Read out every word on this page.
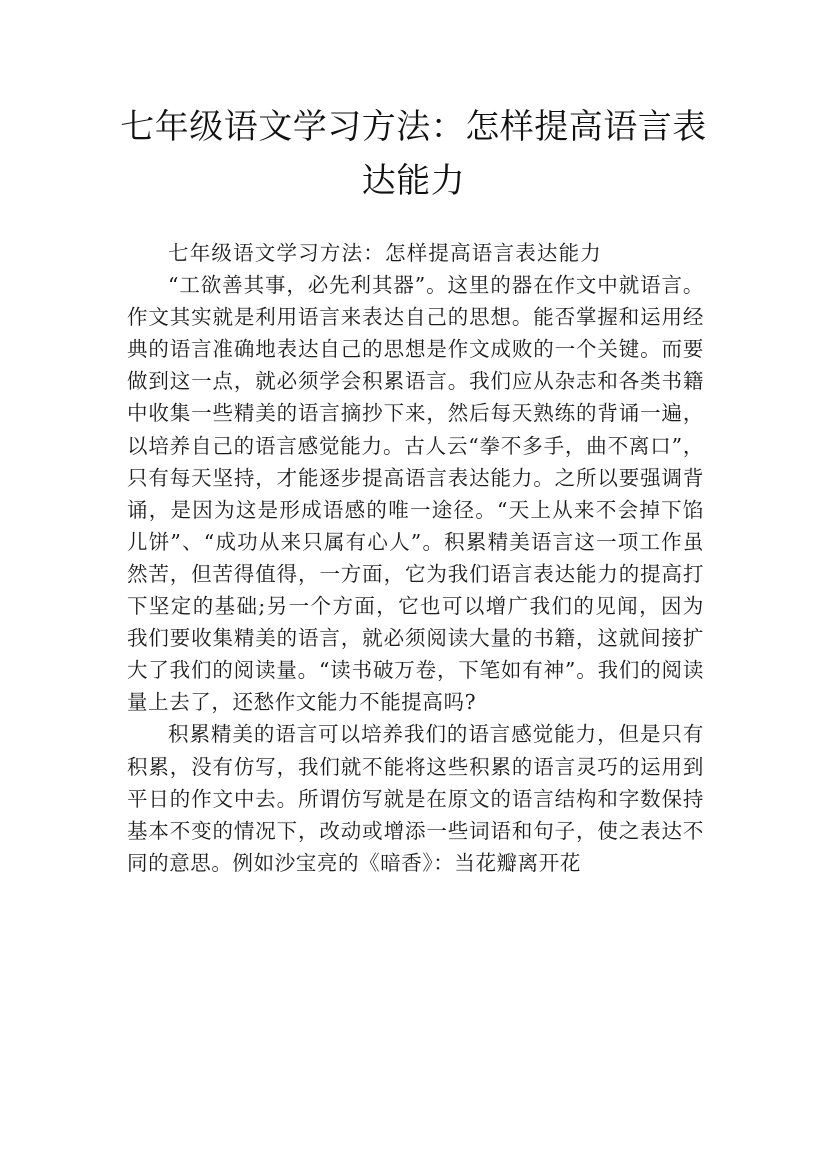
七年级语文学习方法：怎样提高语言表达能力

七年级语文学习方法：怎样提高语言表达能力

“工欲善其事，必先利其器”。这里的器在作文中就语言。作文其实就是利用语言来表达自己的思想。能否掌握和运用经典的语言准确地表达自己的思想是作文成败的一个关键。而要做到这一点，就必须学会积累语言。我们应从杂志和各类书籍中收集一些精美的语言摘抄下来，然后每天熟练的背诵一遍，以培养自己的语言感觉能力。古人云“拳不多手，曲不离口”，只有每天坚持，才能逐步提高语言表达能力。之所以要强调背诵，是因为这是形成语感的唯一途径。“天上从来不会掉下馅儿饼”、“成功从来只属有心人”。积累精美语言这一项工作虽然苦，但苦得值得，一方面，它为我们语言表达能力的提高打下坚定的基础;另一个方面，它也可以增广我们的见闻，因为我们要收集精美的语言，就必须阅读大量的书籍，这就间接扩大了我们的阅读量。“读书破万卷，下笔如有神”。我们的阅读量上去了，还愁作文能力不能提高吗?

积累精美的语言可以培养我们的语言感觉能力，但是只有积累，没有仿写，我们就不能将这些积累的语言灵巧的运用到平日的作文中去。所谓仿写就是在原文的语言结构和字数保持基本不变的情况下，改动或增添一些词语和句子，使之表达不同的意思。例如沙宝亮的《暗香》：当花瓣离开花
